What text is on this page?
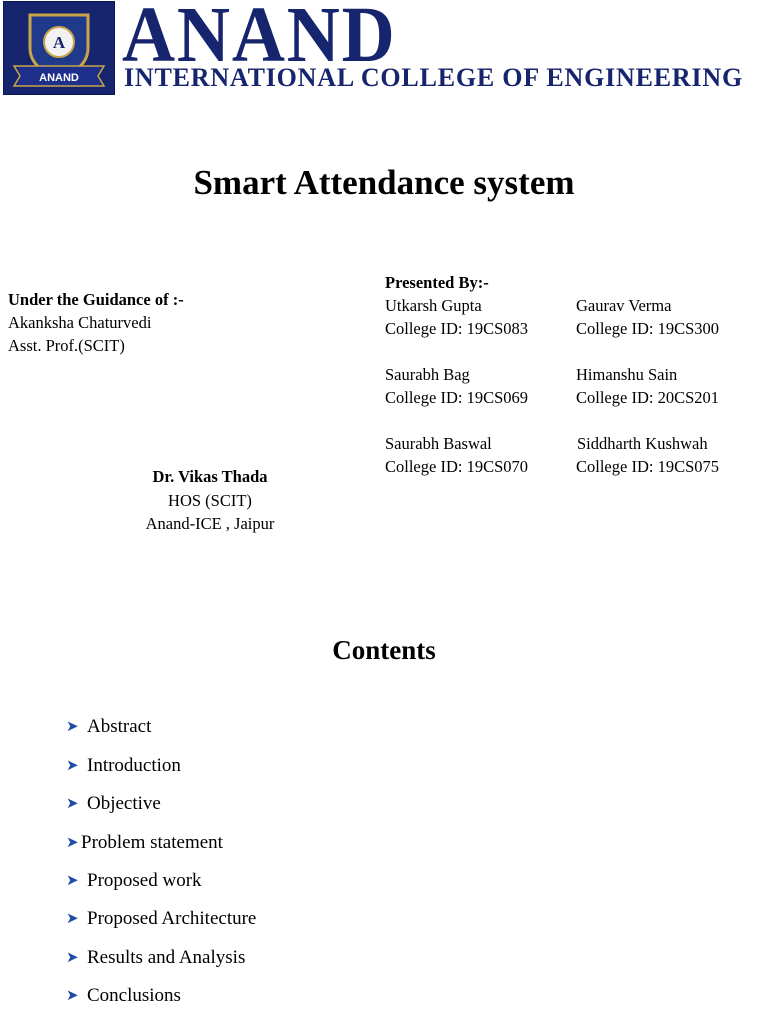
A
ANAND ANAND
INTERNATIONAL COLLEGE OF ENGINEERING
Smart Attendance system
Under the Guidance of :-
Akanksha Chaturvedi
Asst. Prof.(SCIT)
Dr. Vikas Thada
HOS (SCIT)
Anand-ICE , Jaipur
Presented By:-
Utkarsh Gupta
College ID: 19CS083
Gaurav Verma
College ID: 19CS300
Saurabh Bag
College ID: 19CS069
Himanshu Sain
College ID: 20CS201
Saurabh Baswal
College ID: 19CS070
Siddharth Kushwah
College ID: 19CS075
Contents
➤ Abstract
➤ Introduction
➤ Objective
➤ Problem statement
➤ Proposed work
➤ Proposed Architecture
➤ Results and Analysis
➤ Conclusions
